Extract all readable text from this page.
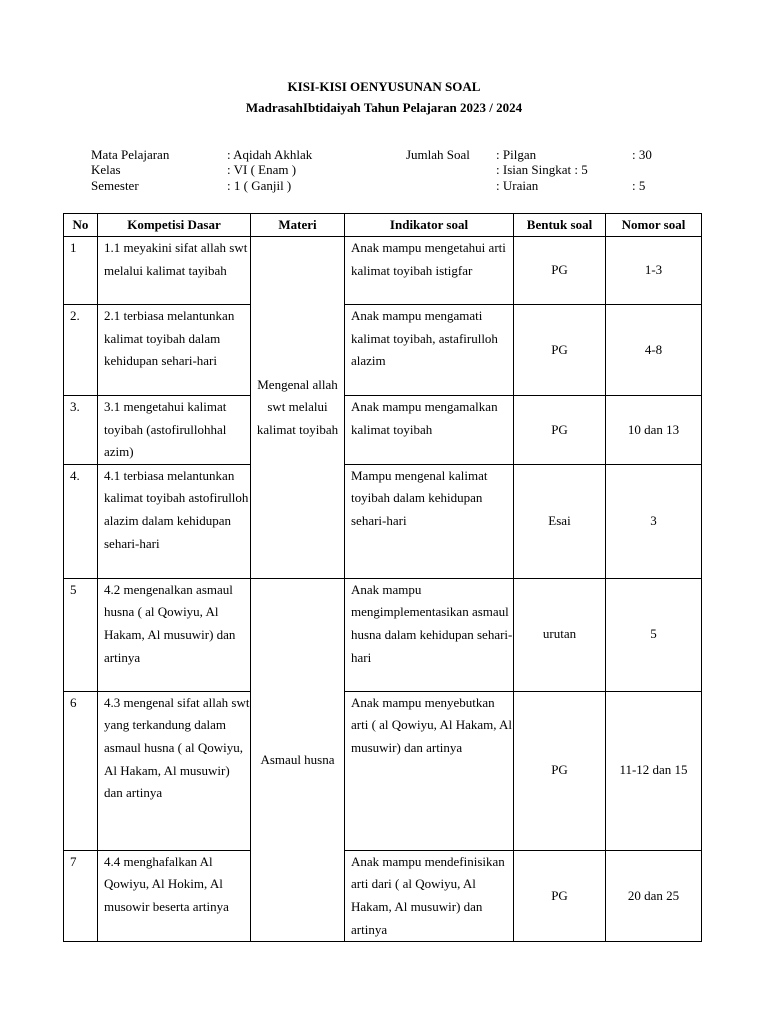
KISI-KISI OENYUSUNAN SOAL
MadrasahIbtidaiyah Tahun Pelajaran 2023 / 2024
Mata Pelajaran	: Aqidah Akhlak
Kelas	: VI ( Enam )
Semester	: 1 ( Ganjil )
Jumlah Soal : Pilgan	: 30
: Isian Singkat : 5
: Uraian	: 5
No	Kompetisi Dasar	Materi	Indikator soal	Bentuk soal	Nomor soal
1	1.1 meyakini sifat allah swt melalui kalimat tayibah	Mengenal allah swt melalui kalimat toyibah	Anak mampu mengetahui arti kalimat toyibah istigfar	PG	1-3
2.	2.1 terbiasa melantunkan kalimat toyibah dalam kehidupan sehari-hari		Anak mampu mengamati kalimat toyibah, astafirulloh alazim	PG	4-8
3.	3.1 mengetahui kalimat toyibah (astofirullohhal azim)		Anak mampu mengamalkan kalimat toyibah	PG	10 dan 13
4.	4.1 terbiasa melantunkan kalimat toyibah astofirulloh alazim dalam kehidupan sehari-hari		Mampu mengenal kalimat toyibah dalam kehidupan sehari-hari	Esai	3
5	4.2 mengenalkan asmaul husna ( al Qowiyu, Al Hakam, Al musuwir) dan artinya	Asmaul husna	Anak mampu mengimplementasikan asmaul husna dalam kehidupan sehari-hari	urutan	5
6	4.3 mengenal sifat allah swt yang terkandung dalam asmaul husna ( al Qowiyu, Al Hakam, Al musuwir) dan artinya		Anak mampu menyebutkan arti ( al Qowiyu, Al Hakam, Al musuwir) dan artinya	PG	11-12 dan 15
7	4.4 menghafalkan Al Qowiyu, Al Hokim, Al musowir beserta artinya		Anak mampu mendefinisikan arti dari ( al Qowiyu, Al Hakam, Al musuwir) dan artinya	PG	20 dan 25
